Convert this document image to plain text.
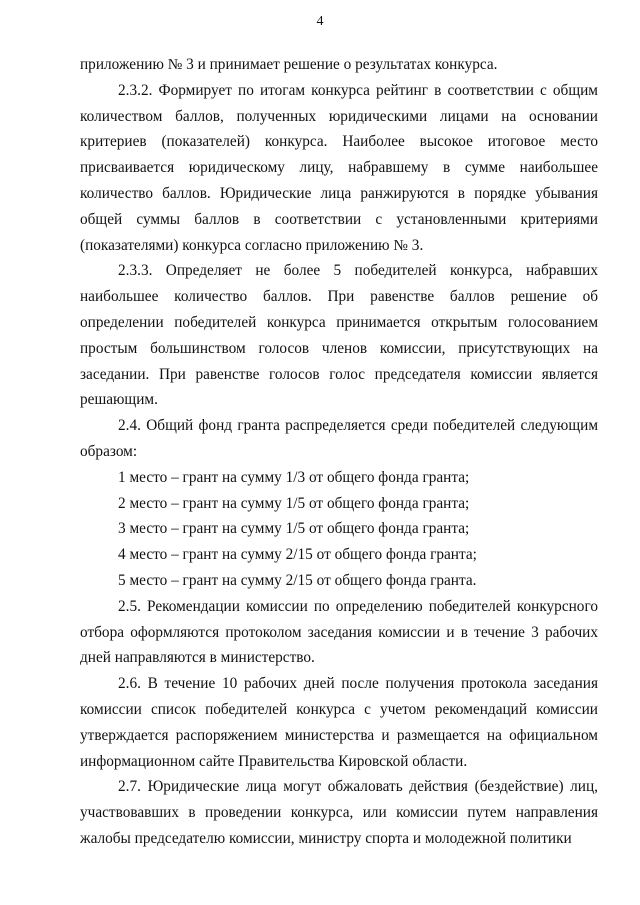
4

приложению № 3 и принимает решение о результатах конкурса.

2.3.2. Формирует по итогам конкурса рейтинг в соответствии с общим количеством баллов, полученных юридическими лицами на основании критериев (показателей) конкурса. Наиболее высокое итоговое место присваивается юридическому лицу, набравшему в сумме наибольшее количество баллов. Юридические лица ранжируются в порядке убывания общей суммы баллов в соответствии с установленными критериями (показателями) конкурса согласно приложению № 3.

2.3.3. Определяет не более 5 победителей конкурса, набравших наибольшее количество баллов. При равенстве баллов решение об определении победителей конкурса принимается открытым голосованием простым большинством голосов членов комиссии, присутствующих на заседании. При равенстве голосов голос председателя комиссии является решающим.

2.4. Общий фонд гранта распределяется среди победителей следующим образом:

1 место – грант на сумму 1/3 от общего фонда гранта;

2 место – грант на сумму 1/5 от общего фонда гранта;

3 место – грант на сумму 1/5 от общего фонда гранта;

4 место – грант на сумму 2/15 от общего фонда гранта;

5 место – грант на сумму 2/15 от общего фонда гранта.

2.5. Рекомендации комиссии по определению победителей конкурсного отбора оформляются протоколом заседания комиссии и в течение 3 рабочих дней направляются в министерство.

2.6. В течение 10 рабочих дней после получения протокола заседания комиссии список победителей конкурса с учетом рекомендаций комиссии утверждается распоряжением министерства и размещается на официальном информационном сайте Правительства Кировской области.

2.7. Юридические лица могут обжаловать действия (бездействие) лиц, участвовавших в проведении конкурса, или комиссии путем направления жалобы председателю комиссии, министру спорта и молодежной политики
